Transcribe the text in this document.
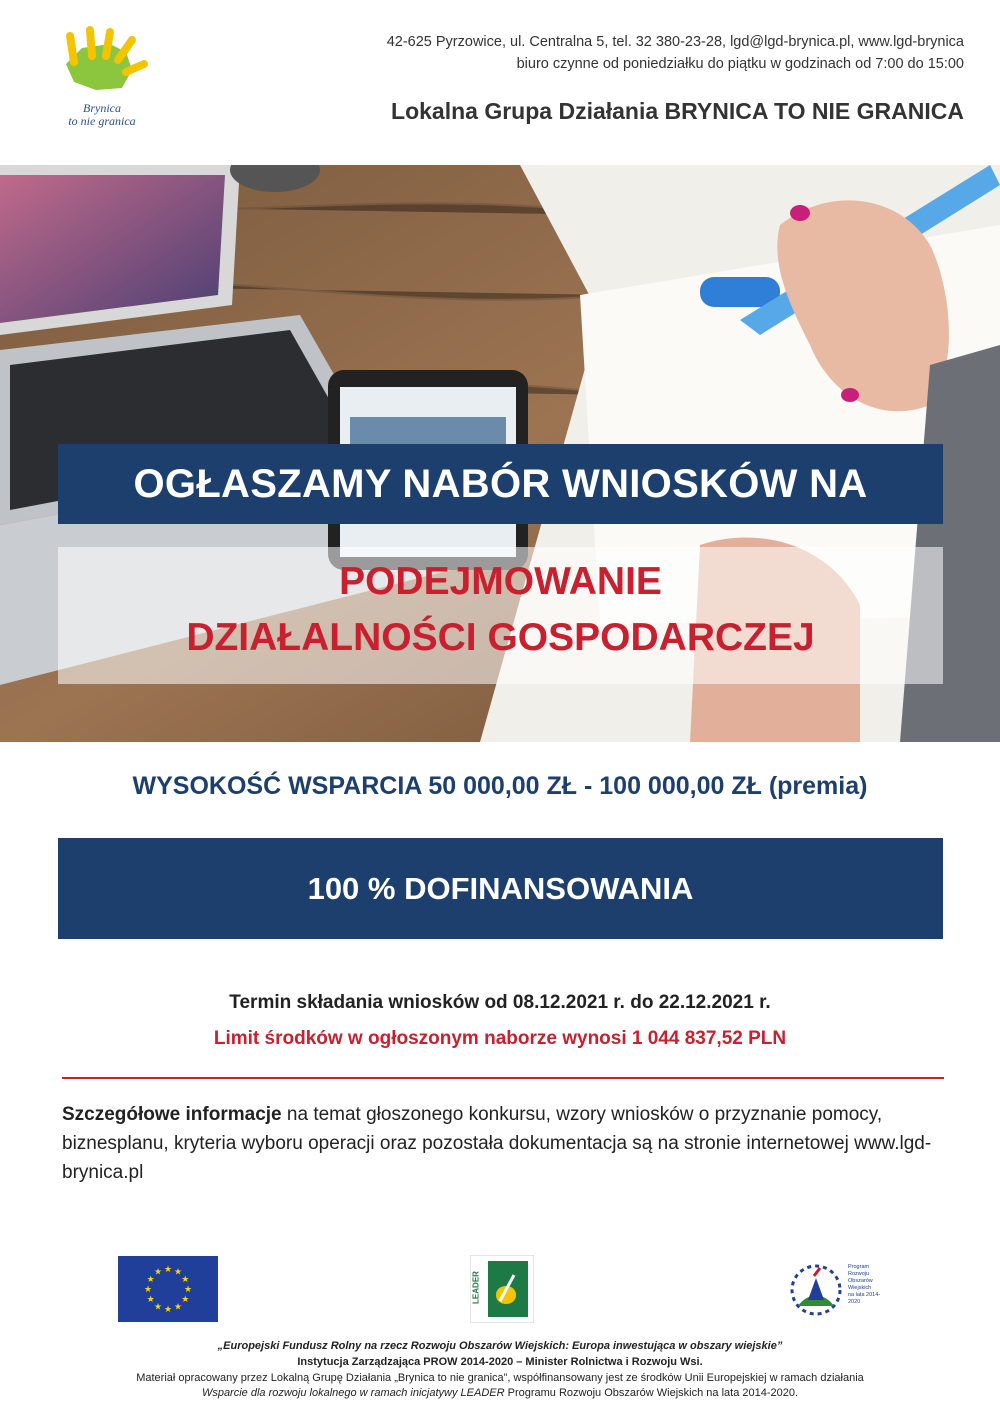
Brynica
to nie granica
42-625 Pyrzowice, ul. Centralna 5, tel. 32 380-23-28, lgd@lgd-brynica.pl, www.lgd-brynica
biuro czynne od poniedziałku do piątku w godzinach od 7:00 do 15:00
Lokalna Grupa Działania BRYNICA TO NIE GRANICA
OGŁASZAMY NABÓR WNIOSKÓW NA
PODEJMOWANIE
DZIAŁALNOŚCI GOSPODARCZEJ
WYSOKOŚĆ WSPARCIA 50 000,00 ZŁ - 100 000,00 ZŁ (premia)
100 % DOFINANSOWANIA
Termin składania wniosków od 08.12.2021 r. do 22.12.2021 r.
Limit środków w ogłoszonym naborze wynosi 1 044 837,52 PLN
Szczegółowe informacje na temat głoszonego konkursu, wzory wniosków o przyznanie pomocy, biznesplanu, kryteria wyboru operacji oraz pozostała dokumentacja są na stronie internetowej www.lgd-brynica.pl
★
★
★
★
★
★
★
★
★ ★ ★
★	LEADER
Program
Rozwoju
Obszarów
Wiejskich
na lata 2014-2020
„Europejski Fundusz Rolny na rzecz Rozwoju Obszarów Wiejskich: Europa inwestująca w obszary wiejskie”
Instytucja Zarządzająca PROW 2014-2020 – Minister Rolnictwa i Rozwoju Wsi.
Materiał opracowany przez Lokalną Grupę Działania „Brynica to nie granica”, współfinansowany jest ze środków Unii Europejskiej w ramach działania
Wsparcie dla rozwoju lokalnego w ramach inicjatywy LEADER Programu Rozwoju Obszarów Wiejskich na lata 2014-2020.
